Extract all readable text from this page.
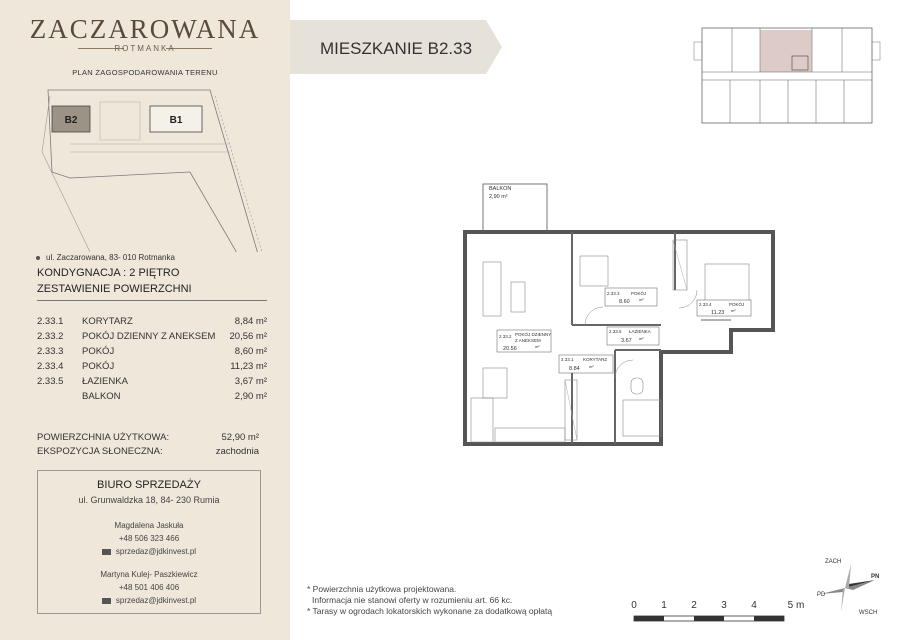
ZACZAROWANA
ROTMANKA
PLAN ZAGOSPODAROWANIA TERENU
B2	B1
ul. Zaczarowana, 83- 010 Rotmanka
KONDYGNACJA : 2 PIĘTRO
ZESTAWIENIE POWIERZCHNI
2.33.1 KORYTARZ	8,84 m²
2.33.2 POKÓJ DZIENNY Z ANEKSEM 20,56 m²
2.33.3 POKÓJ	8,60 m²
2.33.4 POKÓJ	11,23 m²
2.33.5 ŁAZIENKA	3,67 m²
BALKON	2,90 m²
POWIERZCHNIA UŻYTKOWA:	52,90 m²
EKSPOZYCJA SŁONECZNA:	zachodnia
BIURO SPRZEDAŻY
ul. Grunwaldzka 18, 84- 230 Rumia
Magdalena Jaskuła
+48 506 323 466
sprzedaz@jdkinvest.pl
Martyna Kulej- Paszkiewicz
+48 501 406 406
sprzedaz@jdkinvest.pl
MIESZKANIE B2.33
BALKON
2,90 m²
2.33.2 POKÓJ DZIENNY
Z ANEKSEM
20.56	m²
2.33.3	POKÓJ
8.60 m²
2.33.4	POKÓJ
11.23 m²
2.33.5 ŁAZIENKA
3.67 m²
2.33.1 KORYTARZ
8.84 m²
* Powierzchnia użytkowa projektowana.
Informacja nie stanowi oferty w rozumieniu art. 66 kc.
* Tarasy w ogrodach lokatorskich wykonane za dodatkową opłatą	0 1 2 3 4	5 m
ZACH
PN
PD
WSCH
